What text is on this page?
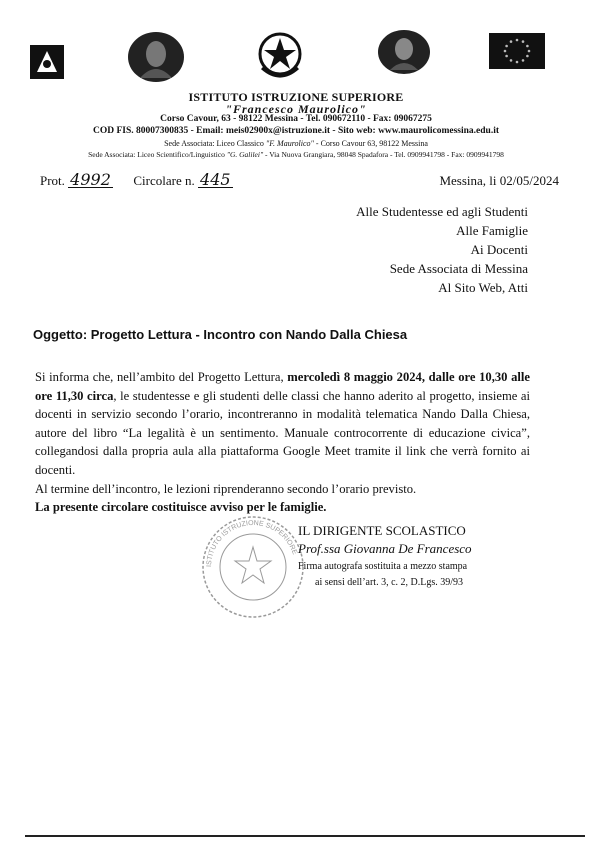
ISTITUTO ISTRUZIONE SUPERIORE
"Francesco Maurolico"
Corso Cavour, 63 - 98122 Messina - Tel. 090672110 - Fax: 09067275
COD FIS. 80007300835 - Email: meis02900x@istruzione.it - Sito web: www.maurolicomessina.edu.it
Sede Associata: Liceo Classico "F. Maurolico" - Corso Cavour 63, 98122 Messina
Sede Associata: Liceo Scientifico/Linguistico "G. Galilei" - Via Nuova Grangiara, 98048 Spadafora - Tel. 0909941798 - Fax: 0909941798
Prot. 4992 Circolare n. 445	Messina, li 02/05/2024
Alle Studentesse ed agli Studenti
Alle Famiglie
Ai Docenti
Sede Associata di Messina
Al Sito Web, Atti
Oggetto: Progetto Lettura - Incontro con Nando Dalla Chiesa

Si informa che, nell’ambito del Progetto Lettura, mercoledì 8 maggio 2024, dalle ore 10,30 alle ore 11,30 circa, le studentesse e gli studenti delle classi che hanno aderito al progetto, insieme ai docenti in servizio secondo l’orario, incontreranno in modalità telematica Nando Dalla Chiesa, autore del libro “La legalità è un sentimento. Manuale controcorrente di educazione civica”, collegandosi dalla propria aula alla piattaforma Google Meet tramite il link che verrà fornito ai docenti.

Al termine dell’incontro, le lezioni riprenderanno secondo l’orario previsto.

La presente circolare costituisce avviso per le famiglie.

ISTITUTO ISTRUZIONE SUPERIORE
IL DIRIGENTE SCOLASTICO
Prof.ssa Giovanna De Francesco
Firma autografa sostituita a mezzo stampa
ai sensi dell’art. 3, c. 2, D.Lgs. 39/93
